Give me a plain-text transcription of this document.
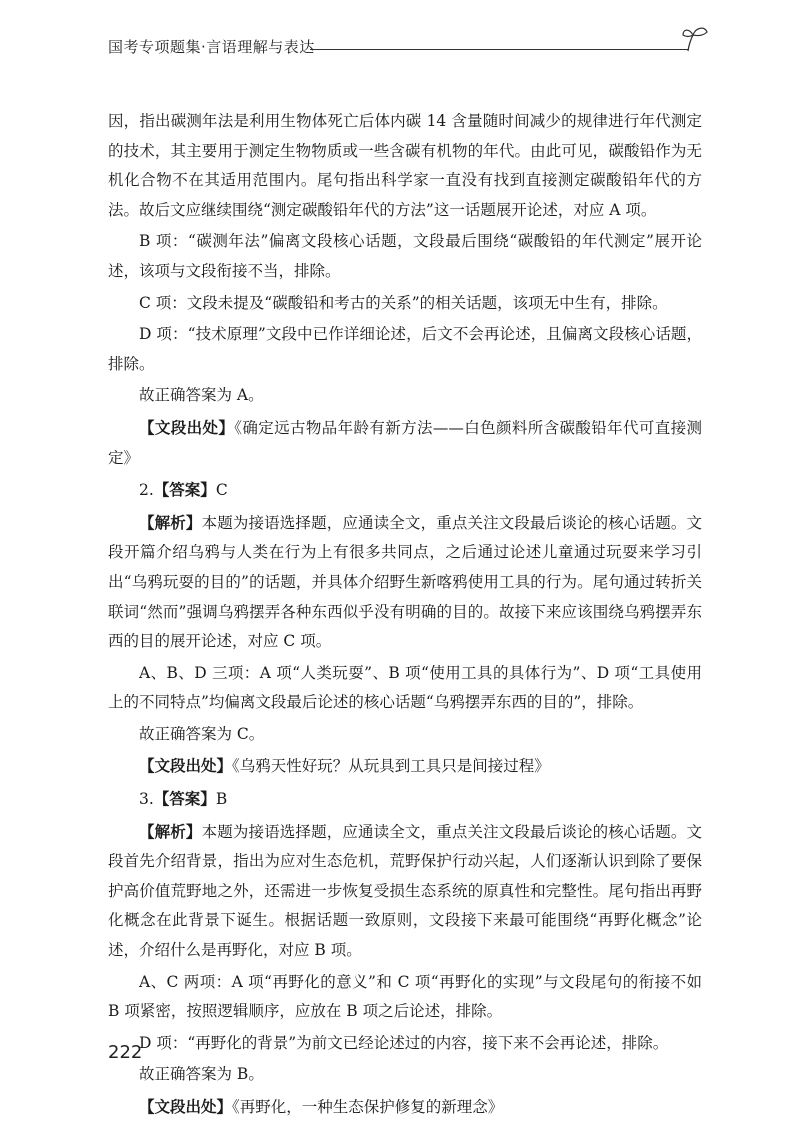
国考专项题集·言语理解与表达

因，指出碳测年法是利用生物体死亡后体内碳 14 含量随时间减少的规律进行年代测定的技术，其主要用于测定生物物质或一些含碳有机物的年代。由此可见，碳酸铅作为无机化合物不在其适用范围内。尾句指出科学家一直没有找到直接测定碳酸铅年代的方法。故后文应继续围绕“测定碳酸铅年代的方法”这一话题展开论述，对应 A 项。

B 项：“碳测年法”偏离文段核心话题，文段最后围绕“碳酸铅的年代测定”展开论述，该项与文段衔接不当，排除。

C 项：文段未提及“碳酸铅和考古的关系”的相关话题，该项无中生有，排除。

D 项：“技术原理”文段中已作详细论述，后文不会再论述，且偏离文段核心话题，排除。

故正确答案为 A。

【文段出处】《确定远古物品年龄有新方法——白色颜料所含碳酸铅年代可直接测定》

2.【答案】C

【解析】本题为接语选择题，应通读全文，重点关注文段最后谈论的核心话题。文段开篇介绍乌鸦与人类在行为上有很多共同点，之后通过论述儿童通过玩耍来学习引出“乌鸦玩耍的目的”的话题，并具体介绍野生新喀鸦使用工具的行为。尾句通过转折关联词“然而”强调乌鸦摆弄各种东西似乎没有明确的目的。故接下来应该围绕乌鸦摆弄东西的目的展开论述，对应 C 项。

A、B、D 三项：A 项“人类玩耍”、B 项“使用工具的具体行为”、D 项“工具使用上的不同特点”均偏离文段最后论述的核心话题“乌鸦摆弄东西的目的”，排除。

故正确答案为 C。

【文段出处】《乌鸦天性好玩？从玩具到工具只是间接过程》

3.【答案】B

【解析】本题为接语选择题，应通读全文，重点关注文段最后谈论的核心话题。文段首先介绍背景，指出为应对生态危机，荒野保护行动兴起，人们逐渐认识到除了要保护高价值荒野地之外，还需进一步恢复受损生态系统的原真性和完整性。尾句指出再野化概念在此背景下诞生。根据话题一致原则，文段接下来最可能围绕“再野化概念”论述，介绍什么是再野化，对应 B 项。

A、C 两项：A 项“再野化的意义”和 C 项“再野化的实现”与文段尾句的衔接不如 B 项紧密，按照逻辑顺序，应放在 B 项之后论述，排除。

D 项：“再野化的背景”为前文已经论述过的内容，接下来不会再论述，排除。

故正确答案为 B。

【文段出处】《再野化，一种生态保护修复的新理念》

222
